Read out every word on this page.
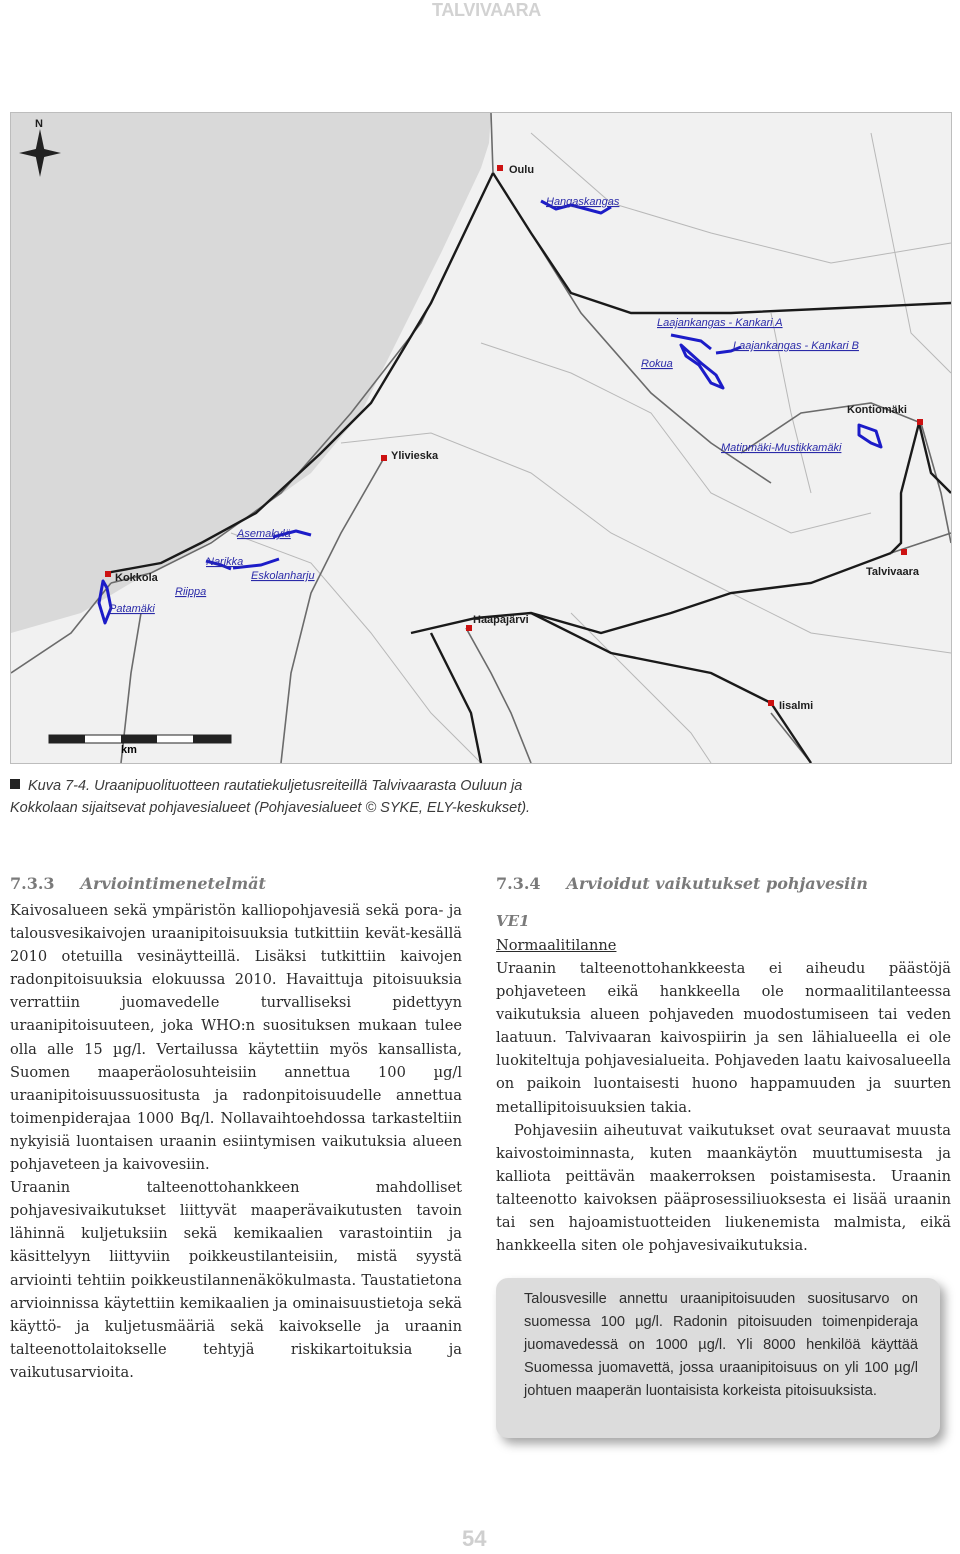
TALVIVAARA
Oulu
Kontiomäki
Ylivieska
Kokkola	Talvivaara
Haapajärvi
Iisalmi
Hangaskangas
Laajankangas - Kankari A
Laajankangas - Kankari B
Rokua
Matinmäki-Mustikkamäki
Asemakylä
Narikka
Eskolanharju
Riippa
Patamäki
N
km
Kuva 7-4. Uraanipuolituotteen rautatiekuljetusreiteillä Talvivaarasta Ouluun ja
Kokkolaan sijaitsevat pohjavesialueet (Pohjavesialueet © SYKE, ELY-keskukset).
7.3.3 Arviointimenetelmät

Kaivosalueen sekä ympäristön kalliopohjavesiä sekä pora- ja talousvesikaivojen uraanipitoisuuksia tutkittiin kevät-kesällä 2010 otetuilla vesinäytteillä. Lisäksi tutkittiin kaivojen radonpitoisuuksia elokuussa 2010. Havaittuja pitoisuuksia verrattiin juomavedelle turvalliseksi pidettyyn uraanipitoisuuteen, joka WHO:n suosituksen mukaan tulee olla alle 15 µg/l. Vertailussa käytettiin myös kansallista, Suomen maaperäolosuhteisiin annettua 100 µg/l uraanipitoisuussuositusta ja radonpitoisuudelle annettua toimenpiderajaa 1000 Bq/l. Nollavaihtoehdossa tarkasteltiin nykyisiä luontaisen uraanin esiintymisen vaikutuksia alueen pohjaveteen ja kaivovesiin.

Uraanin talteenottohankkeen mahdolliset pohjavesivaikutukset liittyvät maaperävaikutusten tavoin lähinnä kuljetuksiin sekä kemikaalien varastointiin ja käsittelyyn liittyviin poikkeustilanteisiin, mistä syystä arviointi tehtiin poikkeustilannenäkökulmasta. Taustatietona arvioinnissa käytettiin kemikaalien ja ominaisuustietoja sekä käyttö- ja kuljetusmääriä sekä kaivokselle ja uraanin talteenottolaitokselle tehtyjä riskikartoituksia ja vaikutusarvioita.

7.3.4 Arvioidut vaikutukset pohjavesiin
VE1

Normaalitilanne

Uraanin talteenottohankkeesta ei aiheudu päästöjä pohjaveteen eikä hankkeella ole normaalitilanteessa vaikutuksia alueen pohjaveden muodostumiseen tai veden laatuun. Talvivaaran kaivospiirin ja sen lähialueella ei ole luokiteltuja pohjavesialueita. Pohjaveden laatu kaivosalueella on paikoin luontaisesti huono happamuuden ja suurten metallipitoisuuksien takia.

Pohjavesiin aiheutuvat vaikutukset ovat seuraavat muusta kaivostoiminnasta, kuten maankäytön muuttumisesta ja kalliota peittävän maakerroksen poistamisesta. Uraanin talteenotto kaivoksen pääprosessiliuoksesta ei lisää uraanin tai sen hajoamistuotteiden liukenemista malmista, eikä hankkeella siten ole pohjavesivaikutuksia.

Talousvesille annettu uraanipitoisuuden suositusarvo on suomessa 100 µg/l. Radonin pitoisuuden toimenpideraja juomavedessä on 1000 µg/l. Yli 8000 henkilöä käyttää Suomessa juomavettä, jossa uraanipitoisuus on yli 100 µg/l johtuen maaperän luontaisista korkeista pitoisuuksista.

54
